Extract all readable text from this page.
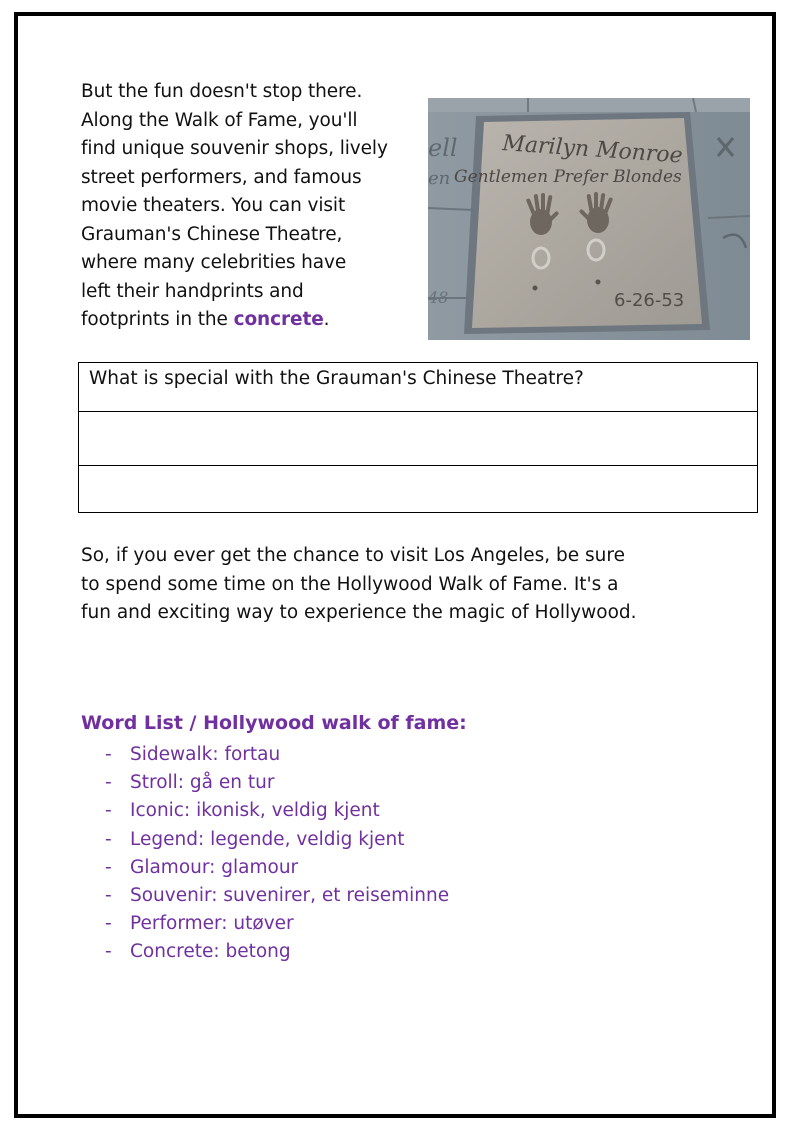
But the fun doesn't stop there.
Along the Walk of Fame, you'll
find unique souvenir shops, lively
street performers, and famous
movie theaters. You can visit
Grauman's Chinese Theatre,
where many celebrities have
left their handprints and
footprints in the concrete.
ell
en
48
Marilyn Monroe
Gentlemen Prefer Blondes
6-26-53
What is special with the Grauman's Chinese Theatre?

So, if you ever get the chance to visit Los Angeles, be sure
to spend some time on the Hollywood Walk of Fame. It's a
fun and exciting way to experience the magic of Hollywood.
Word List / Hollywood walk of fame:
- Sidewalk: fortau
- Stroll: gå en tur
- Iconic: ikonisk, veldig kjent
- Legend: legende, veldig kjent
- Glamour: glamour
- Souvenir: suvenirer, et reiseminne
- Performer: utøver
- Concrete: betong
